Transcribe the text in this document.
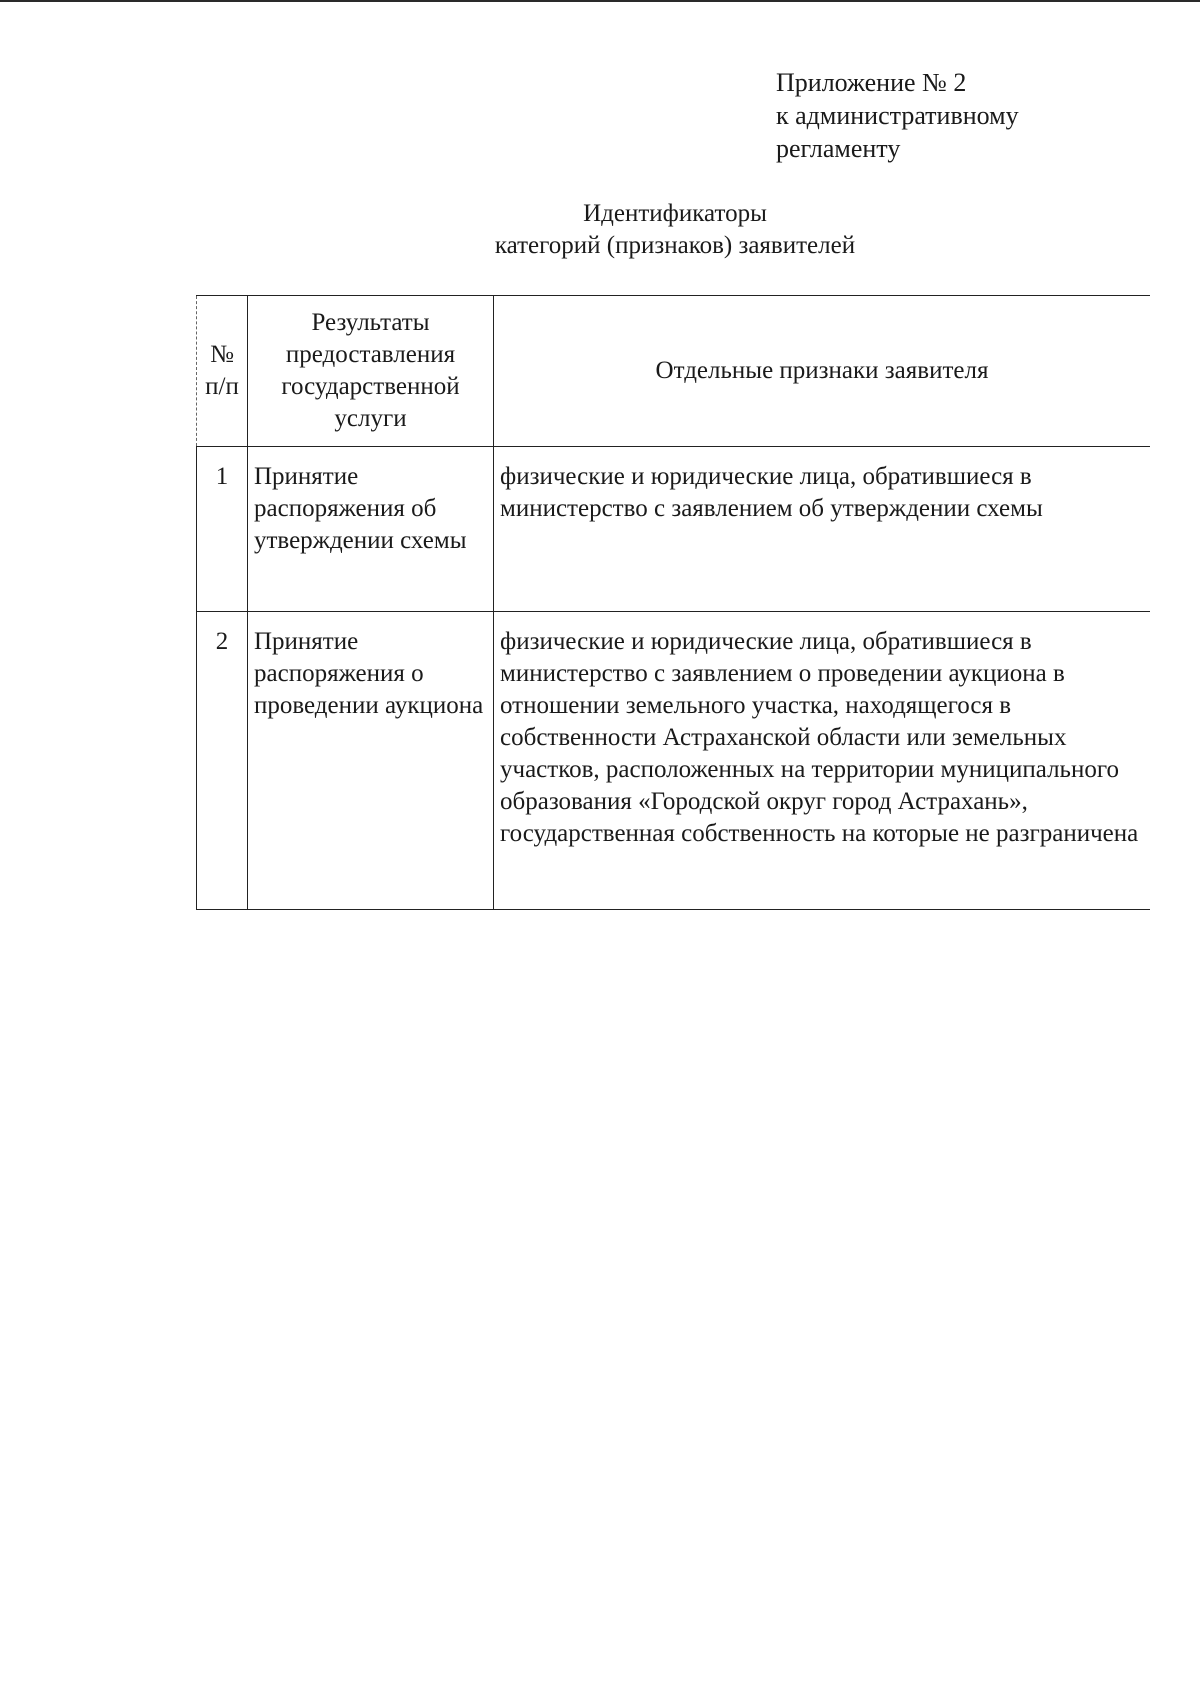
Приложение № 2
к административному
регламенту
Идентификаторы
категорий (признаков) заявителей
№ п/п	Результаты предоставления государственной услуги	Отдельные признаки заявителя
1	Принятие распоряжения об утверждении схемы	физические и юридические лица, обратившиеся в министерство с заявлением об утверждении схемы
2	Принятие распоряжения о проведении аукциона	физические и юридические лица, обратившиеся в министерство с заявлением о проведении аукциона в отношении земельного участка, находящегося в собственности Астраханской области или земельных участков, расположенных на территории муниципального образования «Городской округ город Астрахань», государственная собственность на которые не разграничена
